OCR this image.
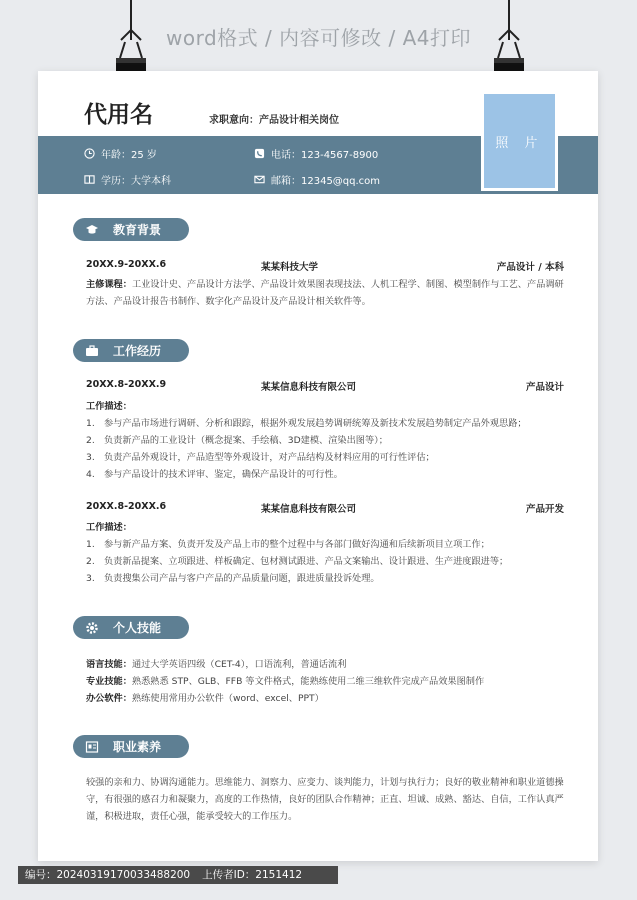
word格式 / 内容可修改 / A4打印
代用名	求职意向：产品设计相关岗位
年龄：25 岁	电话：123-4567-8900
学历：大学本科	邮箱：12345@qq.com
照 片
教育背景
20XX.9-20XX.6	某某科技大学	产品设计 / 本科
主修课程：工业设计史、产品设计方法学、产品设计效果图表现技法、人机工程学、制图、模型制作与工艺、产品调研方法、产品设计报告书制作、数字化产品设计及产品设计相关软件等。
工作经历
20XX.8-20XX.9	某某信息科技有限公司	产品设计
工作描述：
1. 参与产品市场进行调研、分析和跟踪，根据外观发展趋势调研统筹及新技术发展趋势制定产品外观思路；
2. 负责新产品的工业设计（概念提案、手绘稿、3D建模、渲染出图等）；
3. 负责产品外观设计，产品造型等外观设计，对产品结构及材料应用的可行性评估；
4. 参与产品设计的技术评审、鉴定，确保产品设计的可行性。
20XX.8-20XX.6	某某信息科技有限公司	产品开发
工作描述：
1. 参与新产品方案、负责开发及产品上市的整个过程中与各部门做好沟通和后续新项目立项工作；
2. 负责新品提案、立项跟进、样板确定、包材测试跟进、产品文案输出、设计跟进、生产进度跟进等；
3. 负责搜集公司产品与客户产品的产品质量问题，跟进质量投诉处理。
个人技能
语言技能：通过大学英语四级（CET-4），口语流利，普通话流利
专业技能：熟悉熟悉 STP、GLB、FFB 等文件格式，能熟练使用二维三维软件完成产品效果图制作
办公软件：熟练使用常用办公软件（word、excel、PPT）
职业素养
较强的亲和力、协调沟通能力。思维能力、洞察力、应变力、谈判能力，计划与执行力；良好的敬业精神和职业道德操守，有很强的感召力和凝聚力，高度的工作热情，良好的团队合作精神；正直、坦诚、成熟、豁达、自信，工作认真严谨，积极进取，责任心强，能承受较大的工作压力。
编号：20240319170033488200 上传者ID：2151412
